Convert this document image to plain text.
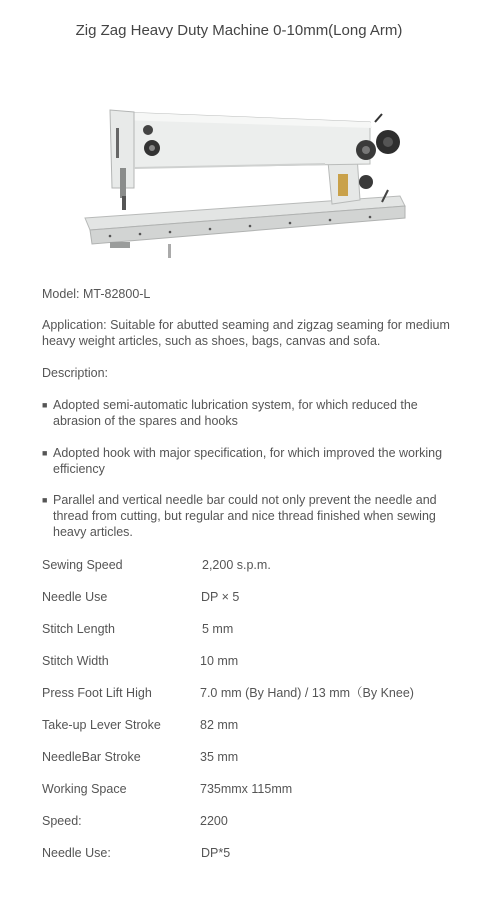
Zig Zag Heavy Duty Machine 0-10mm(Long Arm)
Model: MT-82800-L
Application: Suitable for abutted seaming and zigzag seaming for medium heavy weight articles, such as shoes, bags, canvas and sofa.
Description:
■ Adopted semi-automatic lubrication system, for which reduced the abrasion of the spares and hooks
■ Adopted hook with major specification, for which improved the working efficiency
■ Parallel and vertical needle bar could not only prevent the needle and thread from cutting, but regular and nice thread finished when sewing heavy articles.
Sewing Speed	2,200 s.p.m.
Needle Use	DP × 5
Stitch Length	5 mm
Stitch Width	10 mm
Press Foot Lift High	7.0 mm (By Hand) / 13 mm（By Knee)
Take-up Lever Stroke	82 mm
NeedleBar Stroke	35 mm
Working Space	735mmx 115mm
Speed:	2200
Needle Use:	DP*5
